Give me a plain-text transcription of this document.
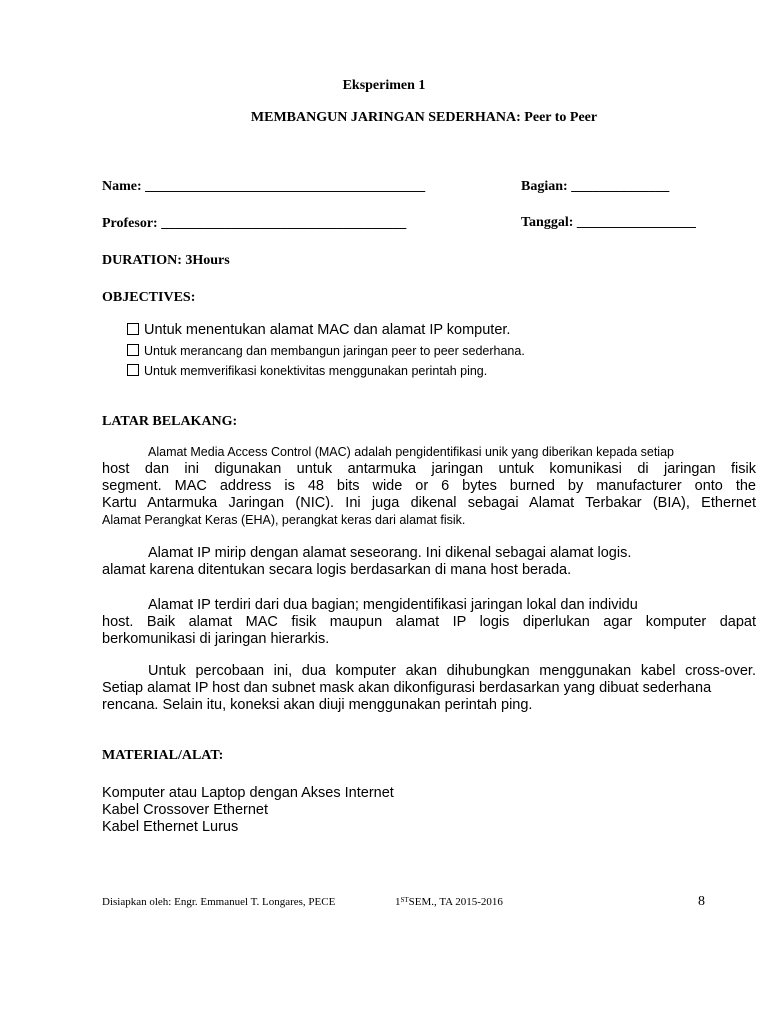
Eksperimen 1
MEMBANGUN JARINGAN SEDERHANA: Peer to Peer
Name: ________________________________________	Bagian: ______________
Profesor: ___________________________________	Tanggal: _________________
DURATION: 3Hours
OBJECTIVES:
Untuk menentukan alamat MAC dan alamat IP komputer.
Untuk merancang dan membangun jaringan peer to peer sederhana.
Untuk memverifikasi konektivitas menggunakan perintah ping.
LATAR BELAKANG:
Alamat Media Access Control (MAC) adalah pengidentifikasi unik yang diberikan kepada setiap
host dan ini digunakan untuk antarmuka jaringan untuk komunikasi di jaringan fisik
segment. MAC address is 48 bits wide or 6 bytes burned by manufacturer onto the
Kartu Antarmuka Jaringan (NIC). Ini juga dikenal sebagai Alamat Terbakar (BIA), Ethernet
Alamat Perangkat Keras (EHA), perangkat keras dari alamat fisik.
Alamat IP mirip dengan alamat seseorang. Ini dikenal sebagai alamat logis.
alamat karena ditentukan secara logis berdasarkan di mana host berada.
Alamat IP terdiri dari dua bagian; mengidentifikasi jaringan lokal dan individu
host. Baik alamat MAC fisik maupun alamat IP logis diperlukan agar komputer dapat
berkomunikasi di jaringan hierarkis.
Untuk percobaan ini, dua komputer akan dihubungkan menggunakan kabel cross-over.
Setiap alamat IP host dan subnet mask akan dikonfigurasi berdasarkan yang dibuat sederhana
rencana. Selain itu, koneksi akan diuji menggunakan perintah ping.
MATERIAL/ALAT:
Komputer atau Laptop dengan Akses Internet
Kabel Crossover Ethernet
Kabel Ethernet Lurus
Disiapkan oleh: Engr. Emmanuel T. Longares, PECE	1STSEM., TA 2015-2016	8
